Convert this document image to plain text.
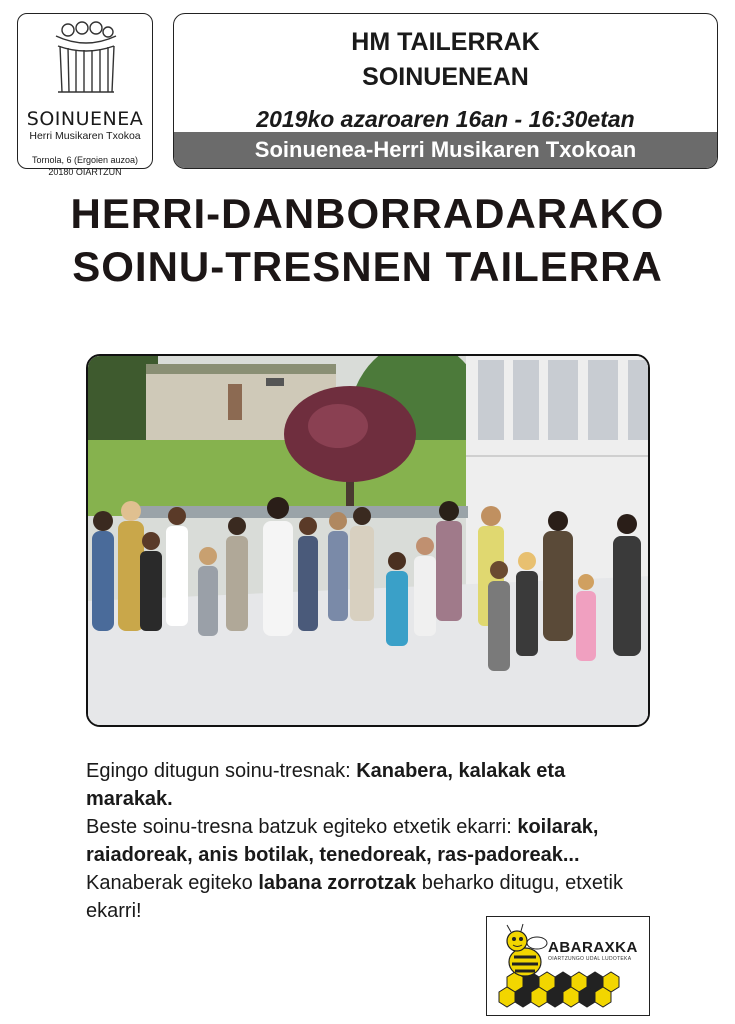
SOINUENEA
Herri Musikaren Txokoa
Tornola, 6 (Ergoien auzoa)
20180 OIARTZUN
HM TAILERRAK
SOINUENEAN
2019ko azaroaren 16an - 16:30etan
Soinuenea-Herri Musikaren Txokoan
HERRI-DANBORRADARAKO
SOINU-TRESNEN TAILERRA

Egingo ditugun soinu-tresnak: Kanabera, kalakak eta marakak.

Beste soinu-tresna batzuk egiteko etxetik ekarri: koilarak, raiadoreak, anis botilak, tenedoreak, ras-padoreak...

Kanaberak egiteko labana zorrotzak beharko ditugu, etxetik ekarri!

ABARAXKA
OIARTZUNGO UDAL LUDOTEKA
